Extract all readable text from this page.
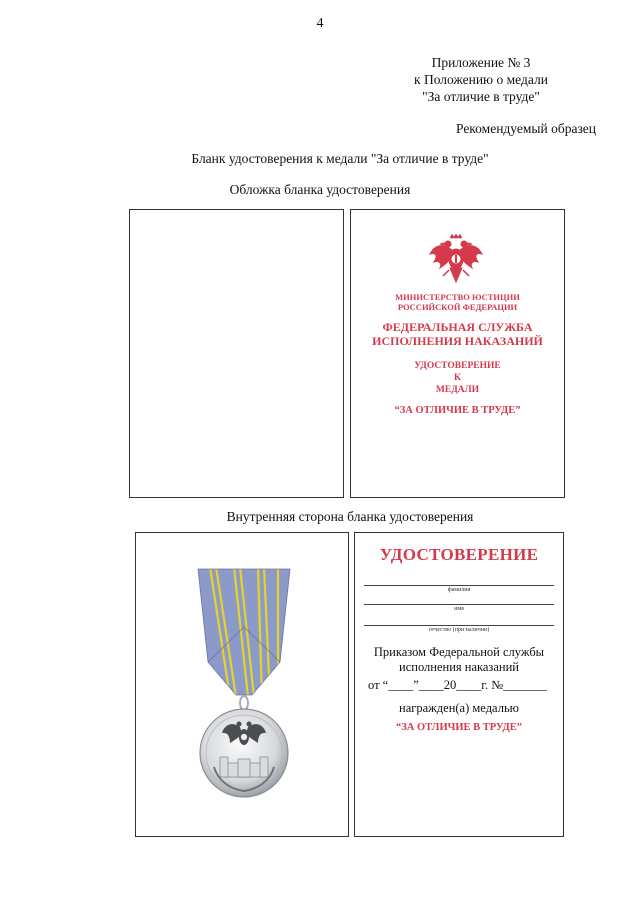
4
Приложение № 3
к Положению о медали
"За отличие в труде"
Рекомендуемый образец
Бланк удостоверения к медали "За отличие в труде"
Обложка бланка удостоверения
МИНИСТЕРСТВО ЮСТИЦИИ
РОССИЙСКОЙ ФЕДЕРАЦИИ
ФЕДЕРАЛЬНАЯ СЛУЖБА
ИСПОЛНЕНИЯ НАКАЗАНИЙ
УДОСТОВЕРЕНИЕ
К
МЕДАЛИ
“ЗА ОТЛИЧИЕ В ТРУДЕ”
Внутренняя сторона бланка удостоверения
УДОСТОВЕРЕНИЕ
фамилия
имя
отчество (при наличии)
Приказом Федеральной службы
исполнения наказаний
от “____”____20____г. №_______
награжден(а) медалью
“ЗА ОТЛИЧИЕ В ТРУДЕ”
